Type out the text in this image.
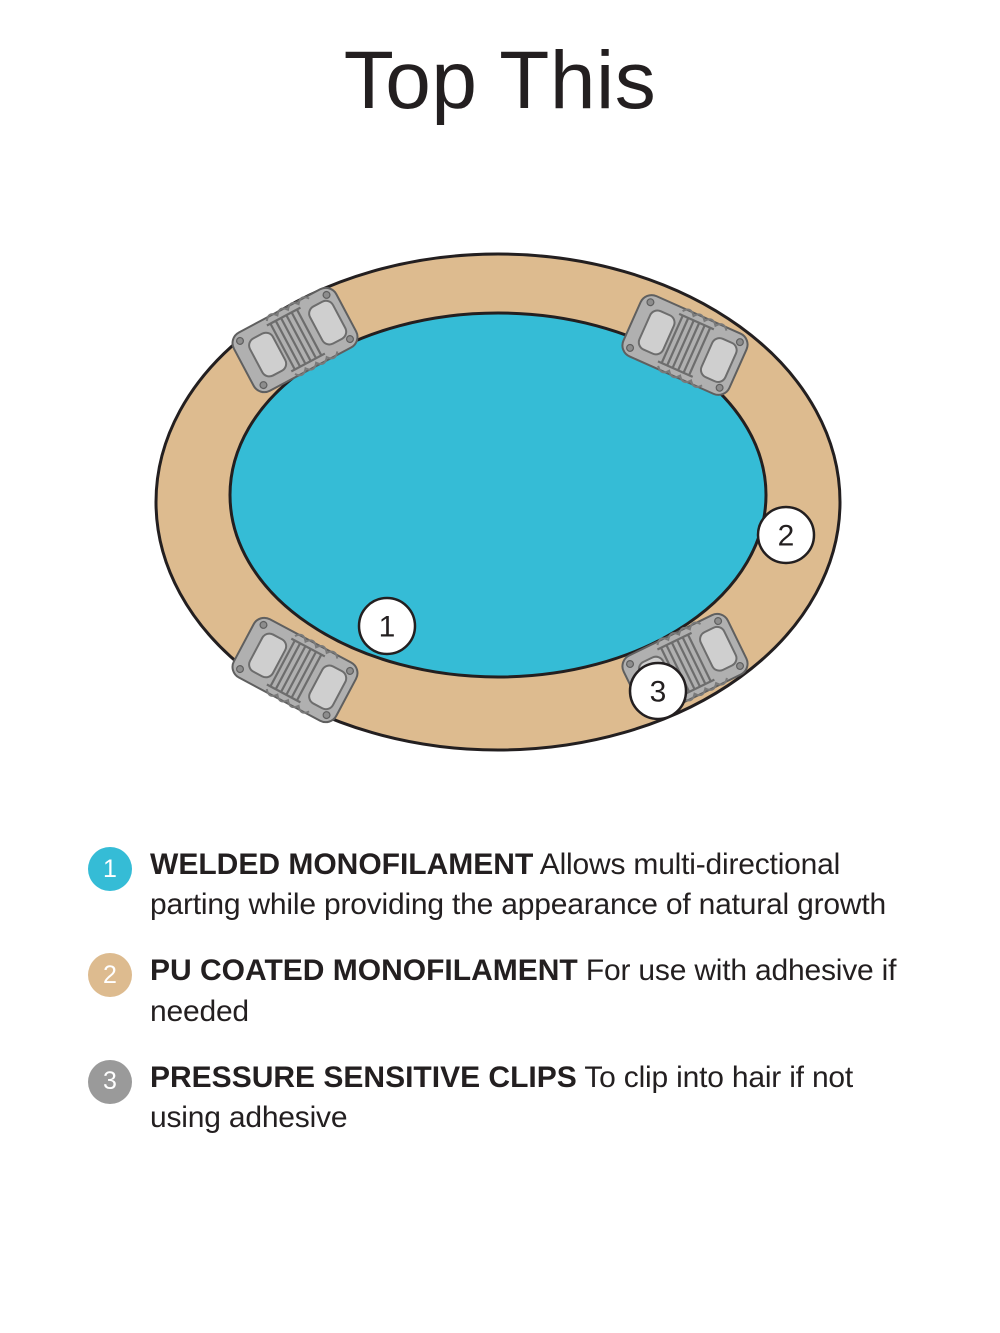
Top This
1
2
3
1	WELDED MONOFILAMENT Allows multi-directional parting while providing the appearance of natural growth
2	PU COATED MONOFILAMENT For use with adhesive if needed
3	PRESSURE SENSITIVE CLIPS To clip into hair if not using adhesive
